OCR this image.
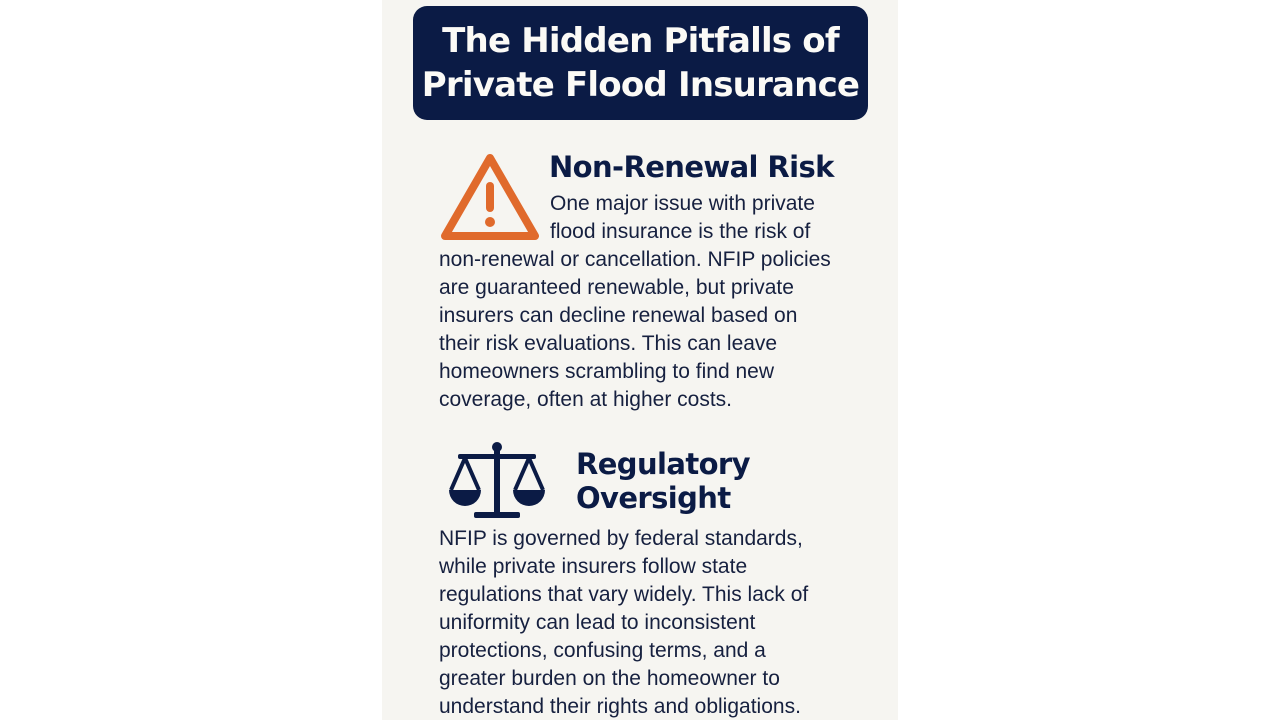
The Hidden Pitfalls of
Private Flood Insurance
Non-Renewal Risk
One major issue with private
flood insurance is the risk of
non-renewal or cancellation. NFIP policies
are guaranteed renewable, but private
insurers can decline renewal based on
their risk evaluations. This can leave
homeowners scrambling to find new
coverage, often at higher costs.
Regulatory
Oversight
NFIP is governed by federal standards,
while private insurers follow state
regulations that vary widely. This lack of
uniformity can lead to inconsistent
protections, confusing terms, and a
greater burden on the homeowner to
understand their rights and obligations.
